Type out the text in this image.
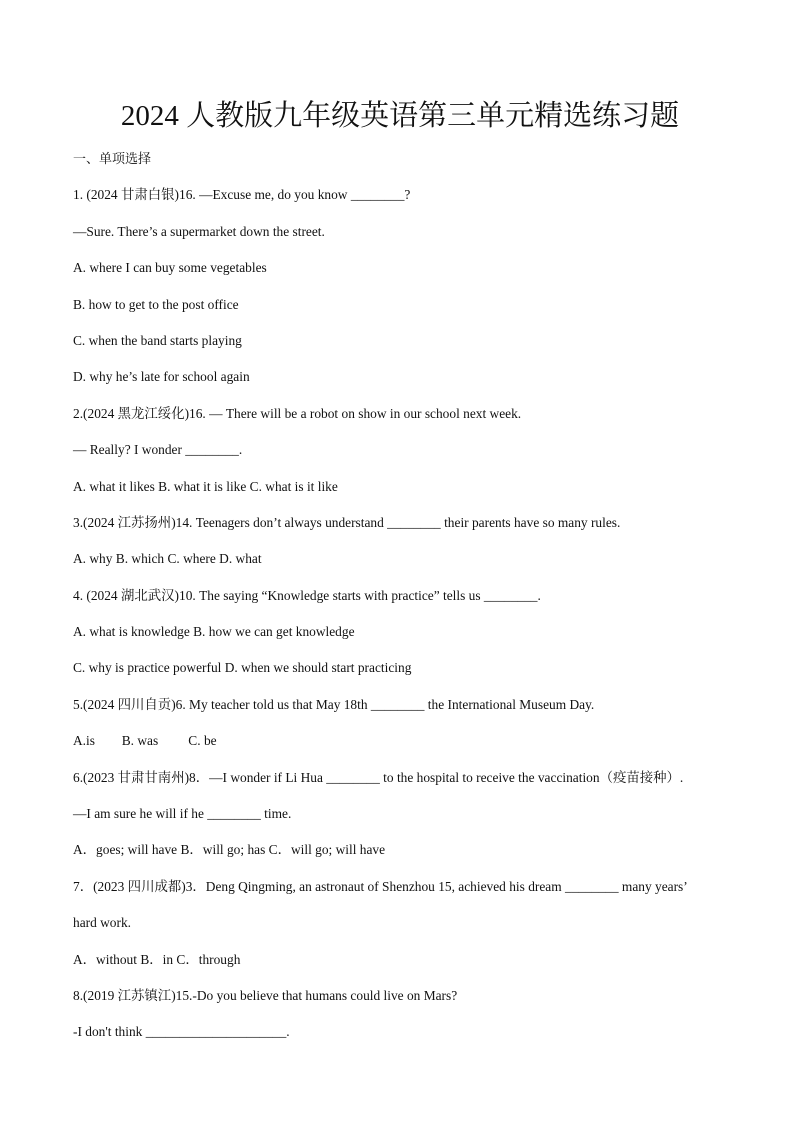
2024 人教版九年级英语第三单元精选练习题
一、单项选择
1. (2024 甘肃白银)16. —Excuse me, do you know ________?
—Sure. There’s a supermarket down the street.
A. where I can buy some vegetables
B. how to get to the post office
C. when the band starts playing
D. why he’s late for school again
2.(2024 黑龙江绥化)16. — There will be a robot on show in our school next week.
— Really? I wonder ________.
A. what it likes B. what it is like C. what is it like
3.(2024 江苏扬州)14. Teenagers don’t always understand ________ their parents have so many rules.
A. why B. which C. where D. what
4. (2024 湖北武汉)10. The saying “Knowledge starts with practice” tells us ________.
A. what is knowledge B. how we can get knowledge
C. why is practice powerful D. when we should start practicing
5.(2024 四川自贡)6. My teacher told us that May 18th ________ the International Museum Day.
A.is        B. was         C. be
6.(2023 甘肃甘南州)8．—I wonder if Li Hua ________ to the hospital to receive the vaccination（疫苗接种）.
—I am sure he will if he ________ time.
A．goes; will have B．will go; has C．will go; will have
7．(2023 四川成都)3．Deng Qingming, an astronaut of Shenzhou 15, achieved his dream ________ many years’
hard work.
A．without B．in C．through
8.(2019 江苏镇江)15.-Do you believe that humans could live on Mars?
-I don't think _____________________.
